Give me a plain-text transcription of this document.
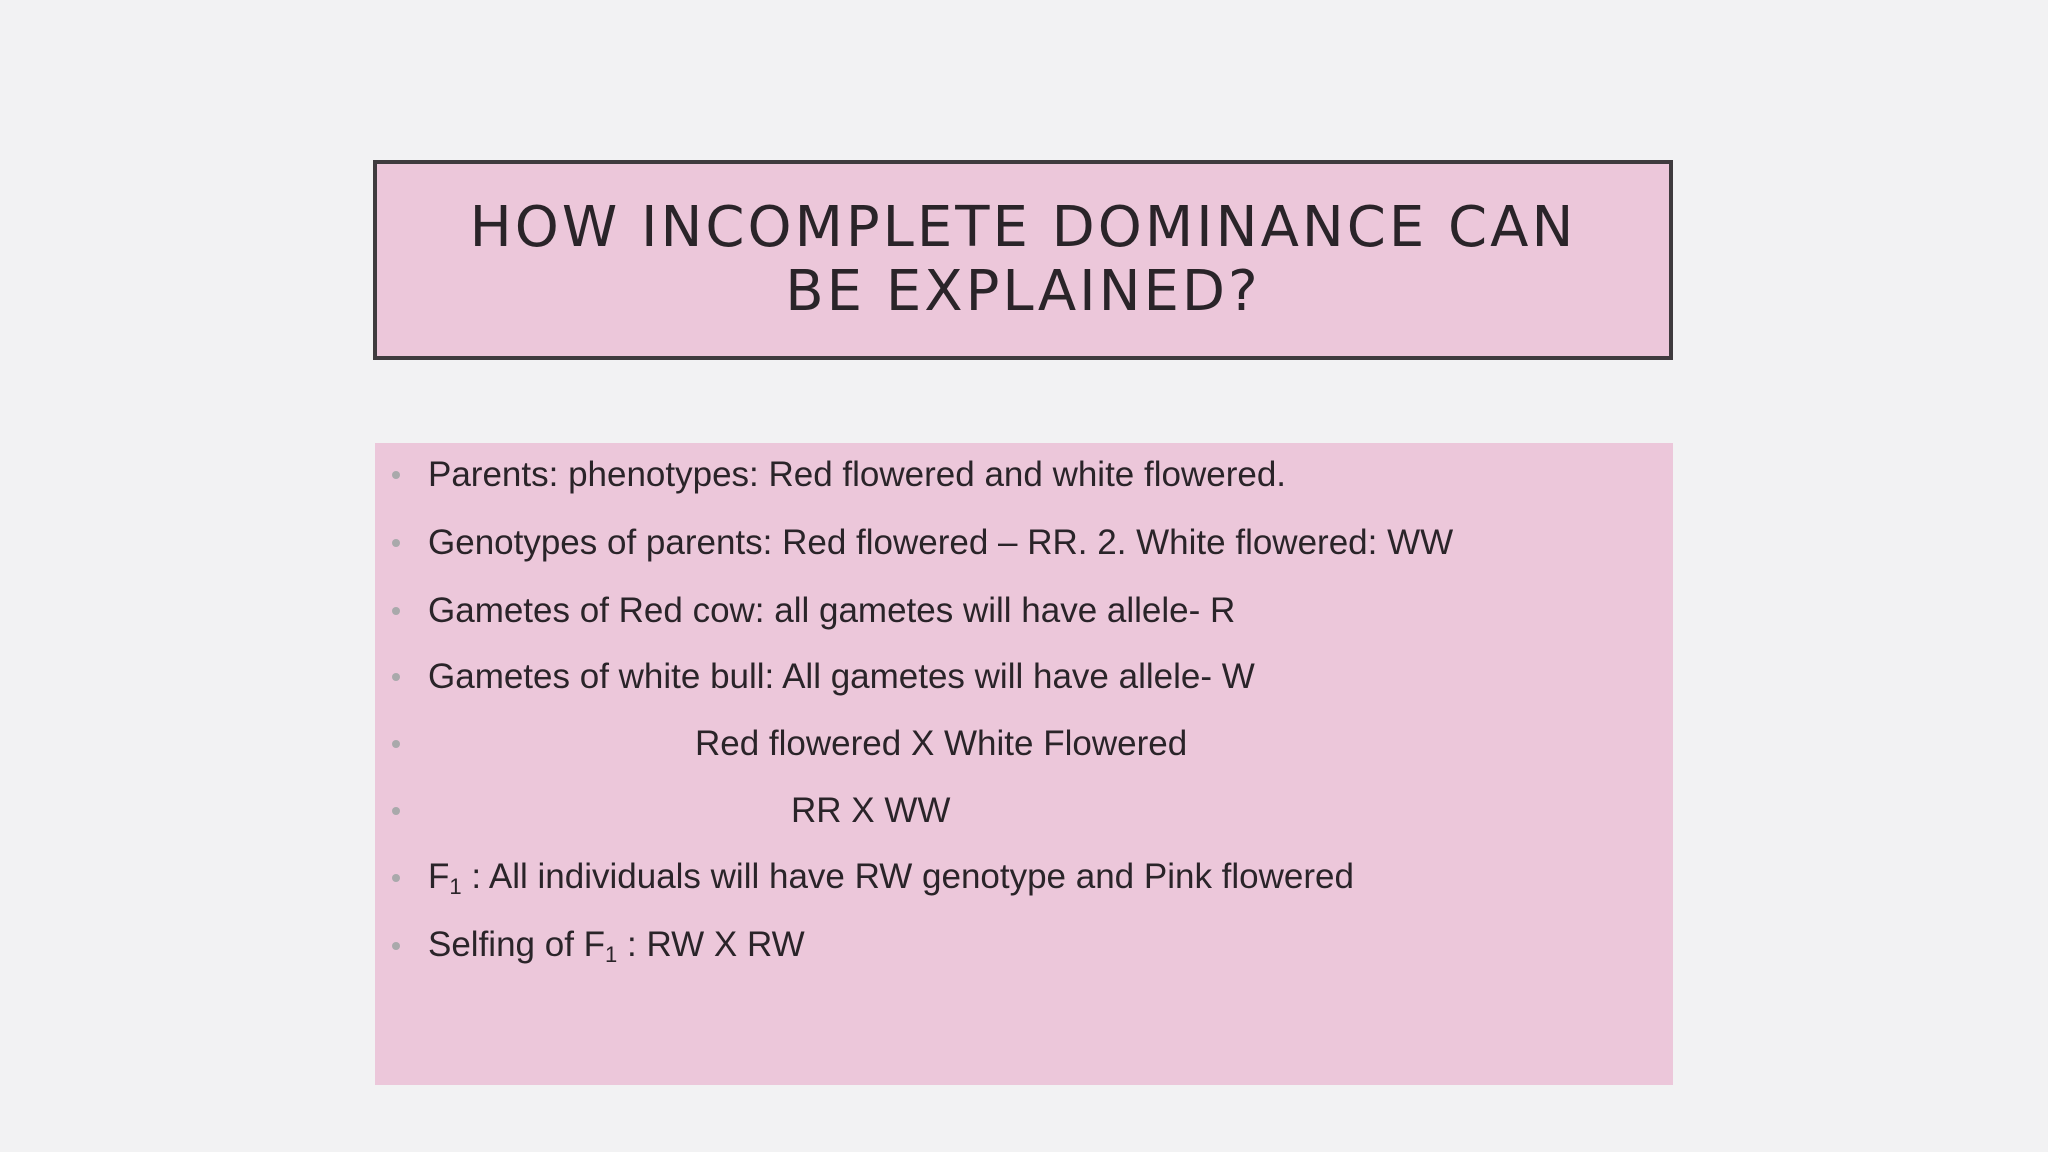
HOW INCOMPLETE DOMINANCE CAN
BE EXPLAINED?
Parents: phenotypes: Red flowered and white flowered.
Genotypes of parents: Red flowered – RR. 2. White flowered: WW
Gametes of Red cow: all gametes will have allele- R
Gametes of white bull: All gametes will have allele- W
Red flowered X White Flowered
RR X WW
$F_1$ : All individuals will have RW genotype and Pink flowered
Selfing of $F_1$ : RW X RW
